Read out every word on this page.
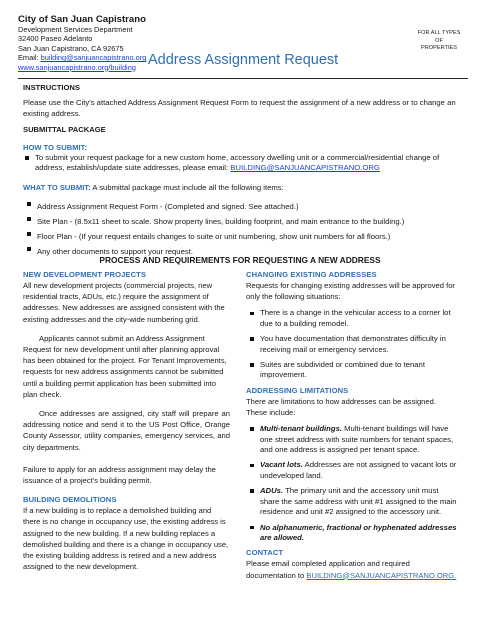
City of San Juan Capistrano
Development Services Department
32400 Paseo Adelanto
San Juan Capistrano, CA 92675
Email: building@sanjuancapistrano.org
www.sanjuancapistrano.org/building Address Assignment Request
FOR ALL TYPES
OF
PROPERTIES
INSTRUCTIONS
Please use the City's attached Address Assignment Request Form to request the assignment of a new address or to change an existing address.
SUBMITTAL PACKAGE
HOW TO SUBMIT:
To submit your request package for a new custom home, accessory dwelling unit or a commercial/residential change of address, establish/update suite addresses, please email: BUILDING@SANJUANCAPISTRANO.ORG
WHAT TO SUBMIT: A submittal package must include all the following items:
Address Assignment Request Form - (Completed and signed. See attached.)
Site Plan - (8.5x11 sheet to scale. Show property lines, building footprint, and main entrance to the building.)
Floor Plan - (If your request entails changes to suite or unit numbering, show unit numbers for all floors.)
Any other documents to support your request.
PROCESS AND REQUIREMENTS FOR REQUESTING A NEW ADDRESS
NEW DEVELOPMENT PROJECTS

All new development projects (commercial projects, new residential tracts, ADUs, etc.) require the assignment of addresses. New addresses are assigned consistent with the existing addresses and the city-wide numbering grid.

Applicants cannot submit an Address Assignment Request for new development until after planning approval has been obtained for the project. For Tenant Improvements, requests for new address assignments cannot be submitted until a building permit application has been submitted into plan check.

Once addresses are assigned, city staff will prepare an addressing notice and send it to the US Post Office, Orange County Assessor, utility companies, emergency services, and city departments.

Failure to apply for an address assignment may delay the issuance of a project's building permit.

BUILDING DEMOLITIONS

If a new building is to replace a demolished building and there is no change in occupancy use, the existing address is assigned to the new building. If a new building replaces a demolished building and there is a change in occupancy use, the existing building address is retired and a new address assigned to the new development.

CHANGING EXISTING ADDRESSES

Requests for changing existing addresses will be approved for only the following situations:

There is a change in the vehicular access to a corner lot due to a building remodel.
You have documentation that demonstrates difficulty in receiving mail or emergency services.
Suites are subdivided or combined due to tenant improvement.
ADDRESSING LIMITATIONS

There are limitations to how addresses can be assigned. These include:

Multi-tenant buildings. Multi-tenant buildings will have one street address with suite numbers for tenant spaces, and one address is assigned per tenant space.
Vacant lots. Addresses are not assigned to vacant lots or undeveloped land.
ADUs. The primary unit and the accessory unit must share the same address with unit #1 assigned to the main residence and unit #2 assigned to the accessory unit.
No alphanumeric, fractional or hyphenated addresses are allowed.
CONTACT

Please email completed application and required documentation to BUILDING@SANJUANCAPISTRANO.ORG.
